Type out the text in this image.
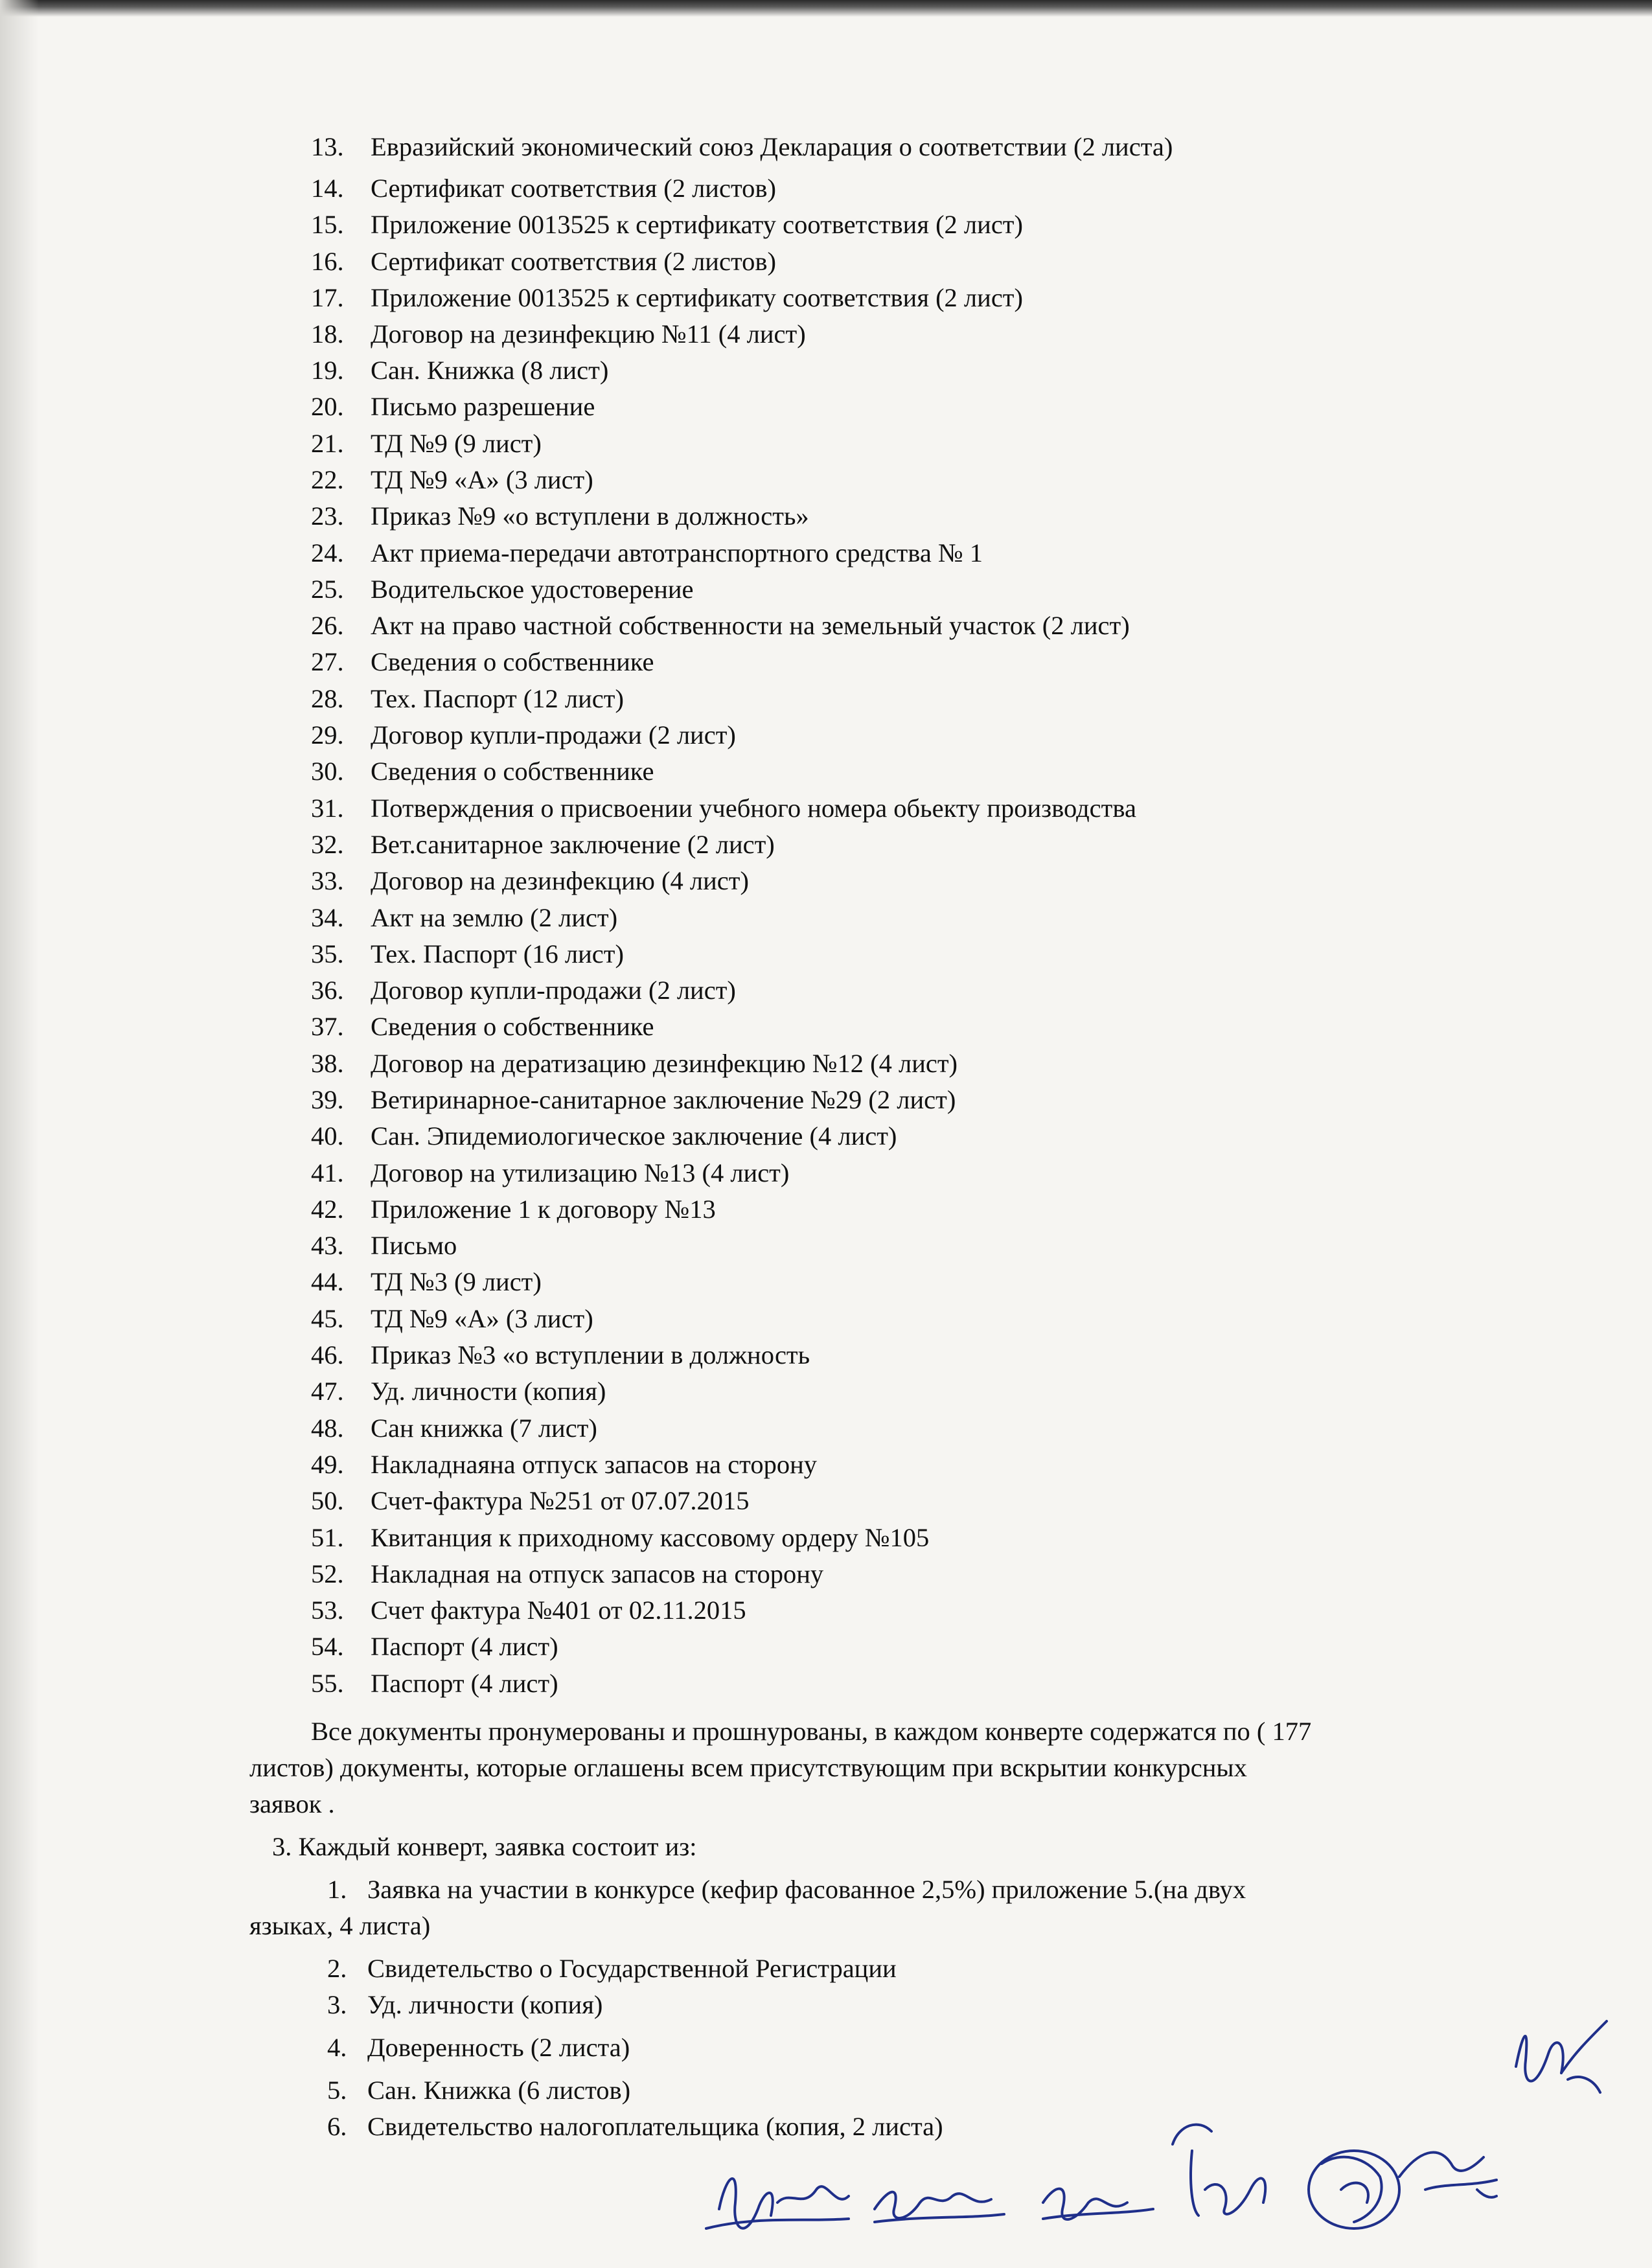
13. Евразийский экономический союз Декларация о соответствии (2 листа)
14. Сертификат соответствия (2 листов)
15. Приложение 0013525 к сертификату соответствия (2 лист)
16. Сертификат соответствия (2 листов)
17. Приложение 0013525 к сертификату соответствия (2 лист)
18. Договор на дезинфекцию №11 (4 лист)
19. Сан. Книжка (8 лист)
20. Письмо разрешение
21. ТД №9 (9 лист)
22. ТД №9 «А» (3 лист)
23. Приказ №9 «о вступлени в должность»
24. Акт приема-передачи автотранспортного средства № 1
25. Водительское удостоверение
26. Акт на право частной собственности на земельный участок (2 лист)
27. Сведения о собственнике
28. Тех. Паспорт (12 лист)
29. Договор купли-продажи (2 лист)
30. Сведения о собственнике
31. Потверждения о присвоении учебного номера обьекту производства
32. Вет.санитарное заключение (2 лист)
33. Договор на дезинфекцию (4 лист)
34. Акт на землю (2 лист)
35. Тех. Паспорт (16 лист)
36. Договор купли-продажи (2 лист)
37. Сведения о собственнике
38. Договор на дератизацию дезинфекцию №12 (4 лист)
39. Ветиринарное-санитарное заключение №29 (2 лист)
40. Сан. Эпидемиологическое заключение (4 лист)
41. Договор на утилизацию №13 (4 лист)
42. Приложение 1 к договору №13
43. Письмо
44. ТД №3 (9 лист)
45. ТД №9 «А» (3 лист)
46. Приказ №3 «о вступлении в должность
47. Уд. личности (копия)
48. Сан книжка (7 лист)
49. Накладнаяна отпуск запасов на сторону
50. Счет-фактура №251 от 07.07.2015
51. Квитанция к приходному кассовому ордеру №105
52. Накладная на отпуск запасов на сторону
53. Счет фактура №401 от 02.11.2015
54. Паспорт (4 лист)
55. Паспорт (4 лист)
Все документы пронумерованы и прошнурованы, в каждом конверте содержатся по ( 177
листов) документы, которые оглашены всем присутствующим при вскрытии конкурсных
заявок .
3. Каждый конверт, заявка состоит из:
1. Заявка на участии в конкурсе (кефир фасованное 2,5%) приложение 5.(на двух
языках, 4 листа)
2. Свидетельство о Государственной Регистрации
3. Уд. личности (копия)
4. Доверенность (2 листа)
5. Сан. Книжка (6 листов)
6. Свидетельство налогоплательщика (копия, 2 листа)
